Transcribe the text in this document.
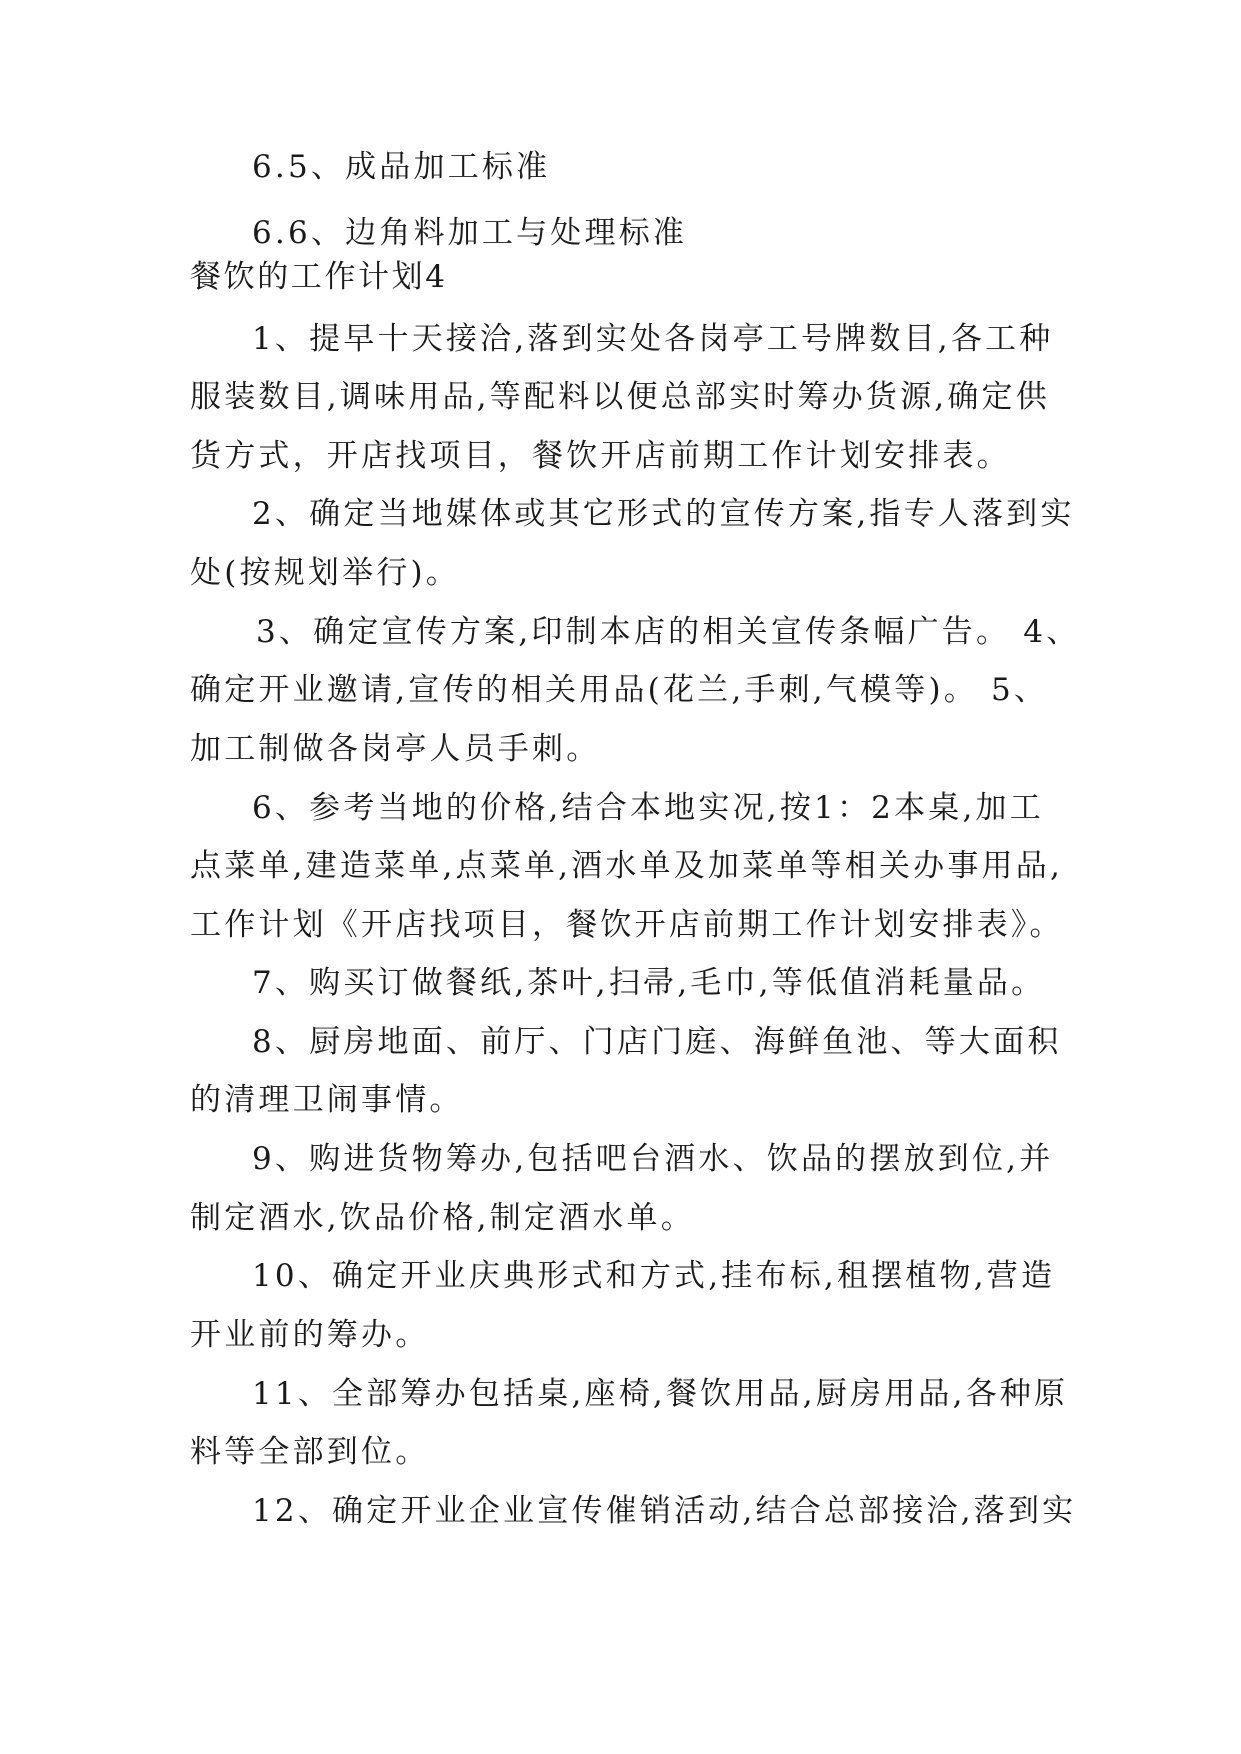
6.5、成品加工标准
6.6、边角料加工与处理标准
餐饮的工作计划4
1、提早十天接洽,落到实处各岗亭工号牌数目,各工种
服装数目,调味用品,等配料以便总部实时筹办货源,确定供
货方式，开店找项目，餐饮开店前期工作计划安排表。
2、确定当地媒体或其它形式的宣传方案,指专人落到实
处(按规划举行)。
3、确定宣传方案,印制本店的相关宣传条幅广告。 4、
确定开业邀请,宣传的相关用品(花兰,手刺,气模等)。 5、
加工制做各岗亭人员手刺。
6、参考当地的价格,结合本地实况,按1：2本桌,加工
点菜单,建造菜单,点菜单,酒水单及加菜单等相关办事用品,
工作计划《开店找项目，餐饮开店前期工作计划安排表》。
7、购买订做餐纸,茶叶,扫帚,毛巾,等低值消耗量品。
8、厨房地面、前厅、门店门庭、海鲜鱼池、等大面积
的清理卫闹事情。
9、购进货物筹办,包括吧台酒水、饮品的摆放到位,并
制定酒水,饮品价格,制定酒水单。
10、确定开业庆典形式和方式,挂布标,租摆植物,营造
开业前的筹办。
11、全部筹办包括桌,座椅,餐饮用品,厨房用品,各种原
料等全部到位。
12、确定开业企业宣传催销活动,结合总部接洽,落到实
